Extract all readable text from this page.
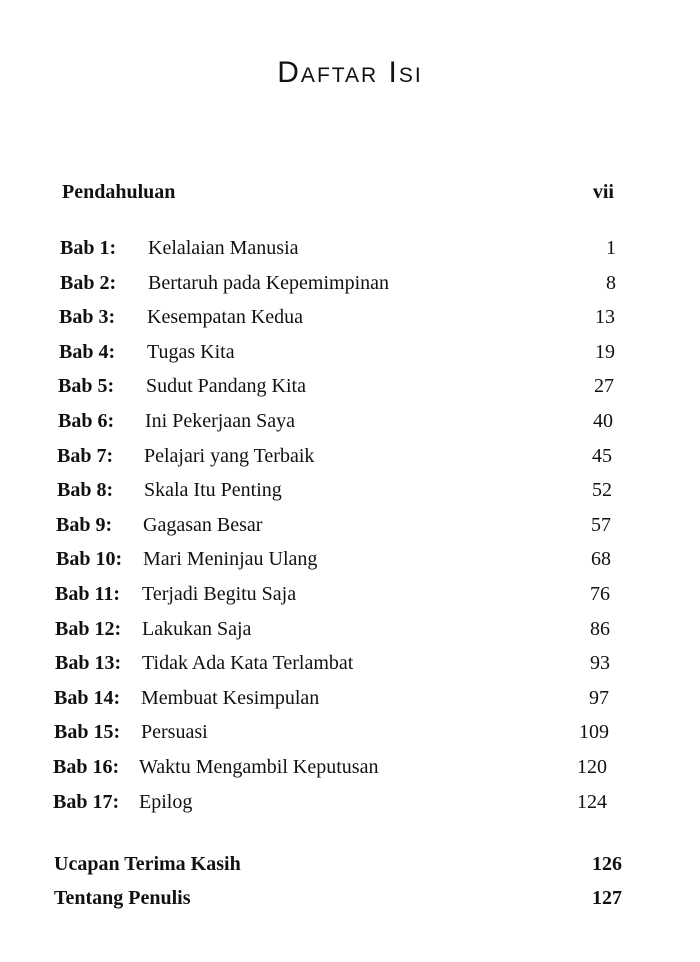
Daftar Isi
Pendahuluan	vii
Bab 1: Kelalaian Manusia	1
Bab 2: Bertaruh pada Kepemimpinan	8
Bab 3: Kesempatan Kedua	13
Bab 4: Tugas Kita	19
Bab 5: Sudut Pandang Kita	27
Bab 6: Ini Pekerjaan Saya	40
Bab 7: Pelajari yang Terbaik	45
Bab 8: Skala Itu Penting	52
Bab 9: Gagasan Besar	57
Bab 10: Mari Meninjau Ulang	68
Bab 11: Terjadi Begitu Saja	76
Bab 12: Lakukan Saja	86
Bab 13: Tidak Ada Kata Terlambat	93
Bab 14: Membuat Kesimpulan	97
Bab 15: Persuasi	109
Bab 16: Waktu Mengambil Keputusan	120
Bab 17: Epilog	124
Ucapan Terima Kasih	126
Tentang Penulis	127
